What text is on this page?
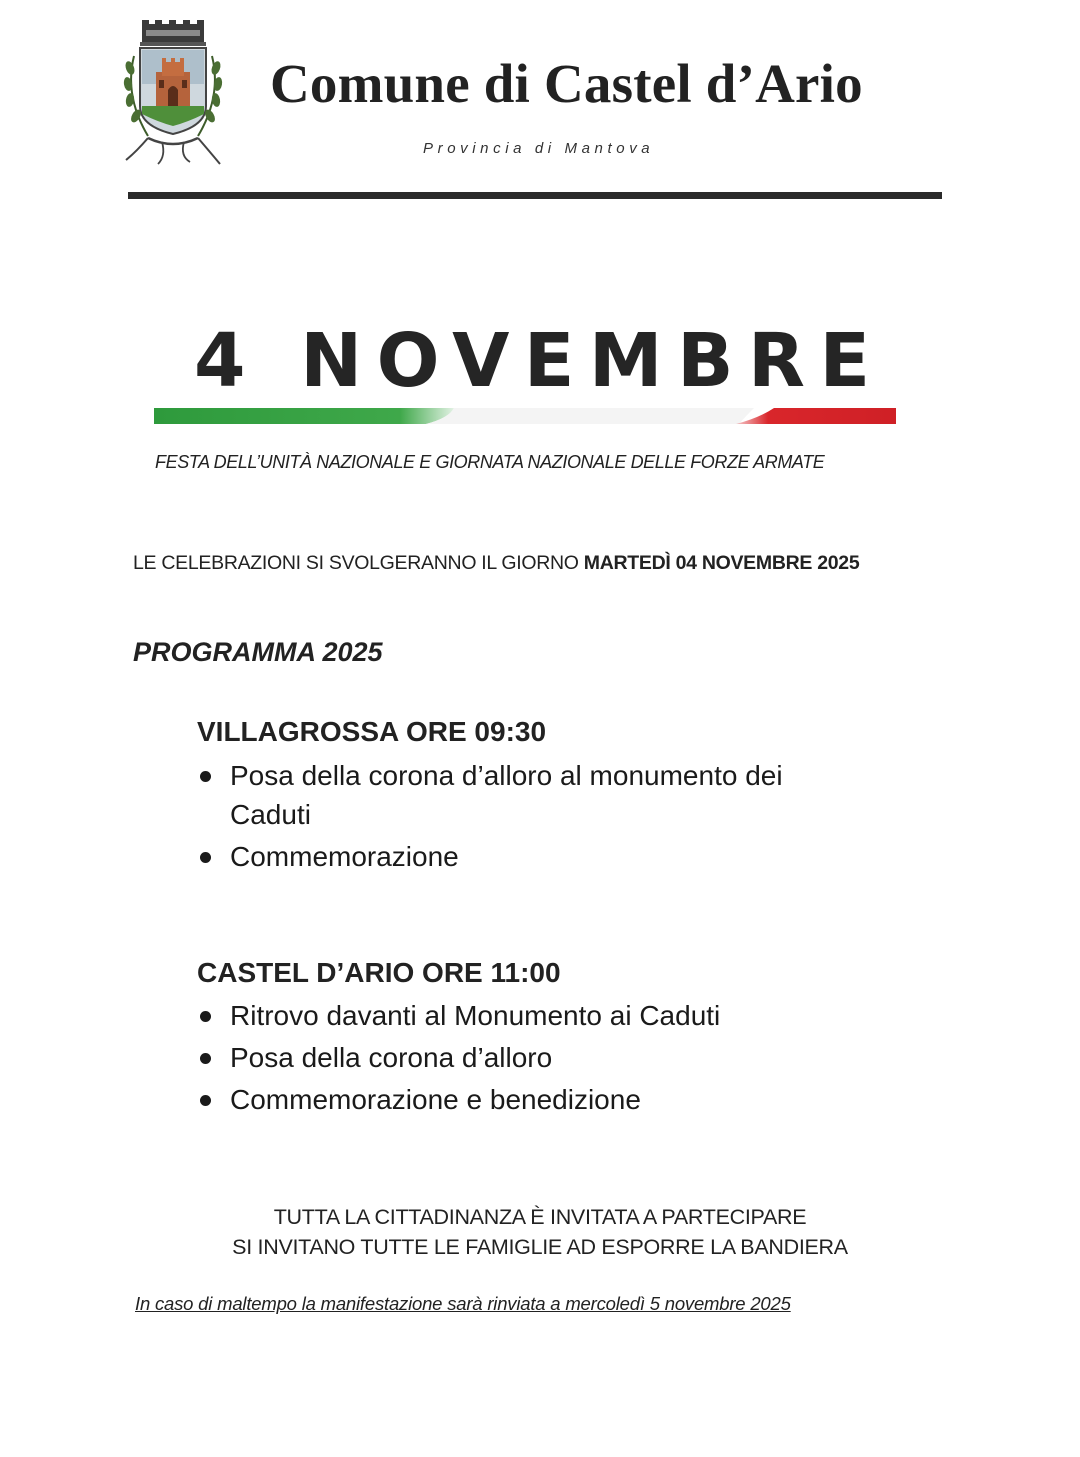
Comune di Castel d’Ario
Provincia di Mantova
4 NOVEMBRE
FESTA DELL’UNITÀ NAZIONALE E GIORNATA NAZIONALE DELLE FORZE ARMATE
LE CELEBRAZIONI SI SVOLGERANNO IL GIORNO MARTEDÌ 04 NOVEMBRE 2025
PROGRAMMA 2025
VILLAGROSSA ORE 09:30
Posa della corona d’alloro al monumento dei Caduti
Commemorazione
CASTEL D’ARIO ORE 11:00
Ritrovo davanti al Monumento ai Caduti
Posa della corona d’alloro
Commemorazione e benedizione
TUTTA LA CITTADINANZA È INVITATA A PARTECIPARE
SI INVITANO TUTTE LE FAMIGLIE AD ESPORRE LA BANDIERA
In caso di maltempo la manifestazione sarà rinviata a mercoledì 5 novembre 2025
